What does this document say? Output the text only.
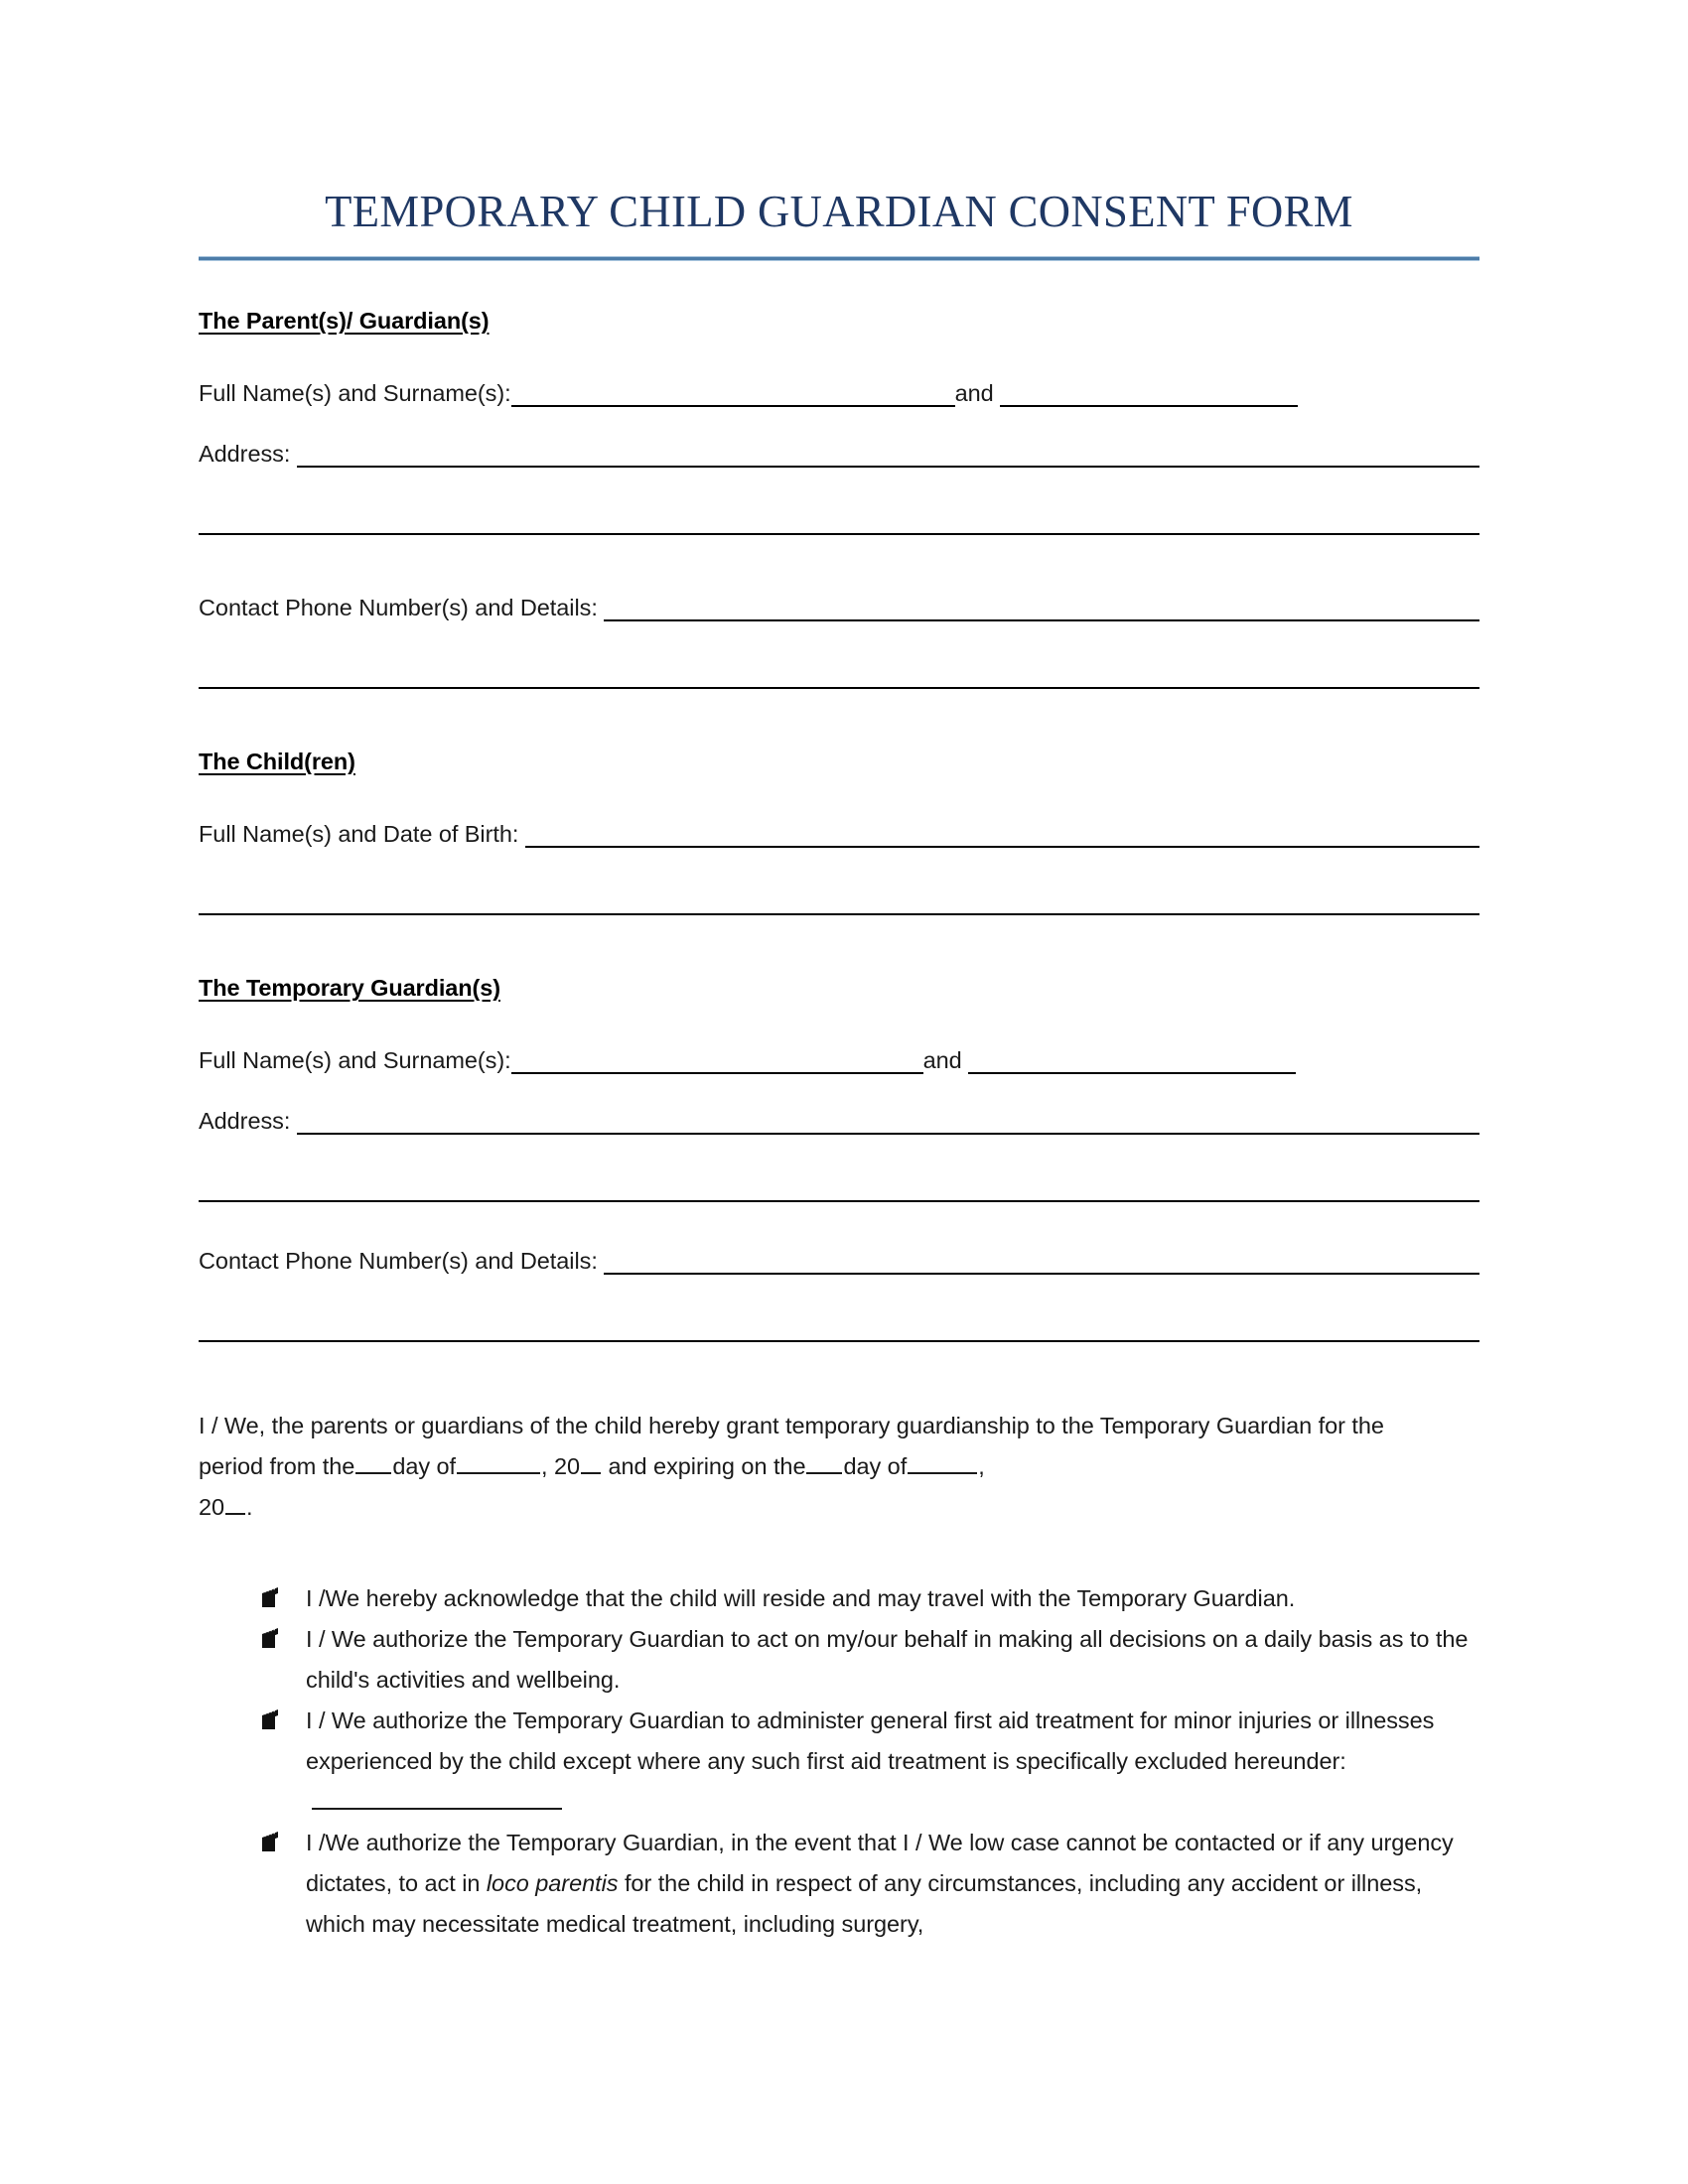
TEMPORARY CHILD GUARDIAN CONSENT FORM
The Parent(s)/ Guardian(s)
Full Name(s) and Surname(s):	and
Address:
Contact Phone Number(s) and Details:
The Child(ren)
Full Name(s) and Date of Birth:
The Temporary Guardian(s)
Full Name(s) and Surname(s):	and
Address:
Contact Phone Number(s) and Details:

I / We, the parents or guardians of the child hereby grant temporary guardianship to the Temporary Guardian for the period from the day of	, 20 and expiring on the day of	,
20 .

I /We hereby acknowledge that the child will reside and may travel with the Temporary Guardian.
I / We authorize the Temporary Guardian to act on my/our behalf in making all decisions on a daily basis as to the child's activities and wellbeing.
I / We authorize the Temporary Guardian to administer general first aid treatment for minor injuries or illnesses experienced by the child except where any such first aid treatment is specifically excluded hereunder:
I /We authorize the Temporary Guardian, in the event that I / We low case cannot be contacted or if any urgency dictates, to act in loco parentis for the child in respect of any circumstances, including any accident or illness, which may necessitate medical treatment, including surgery,
